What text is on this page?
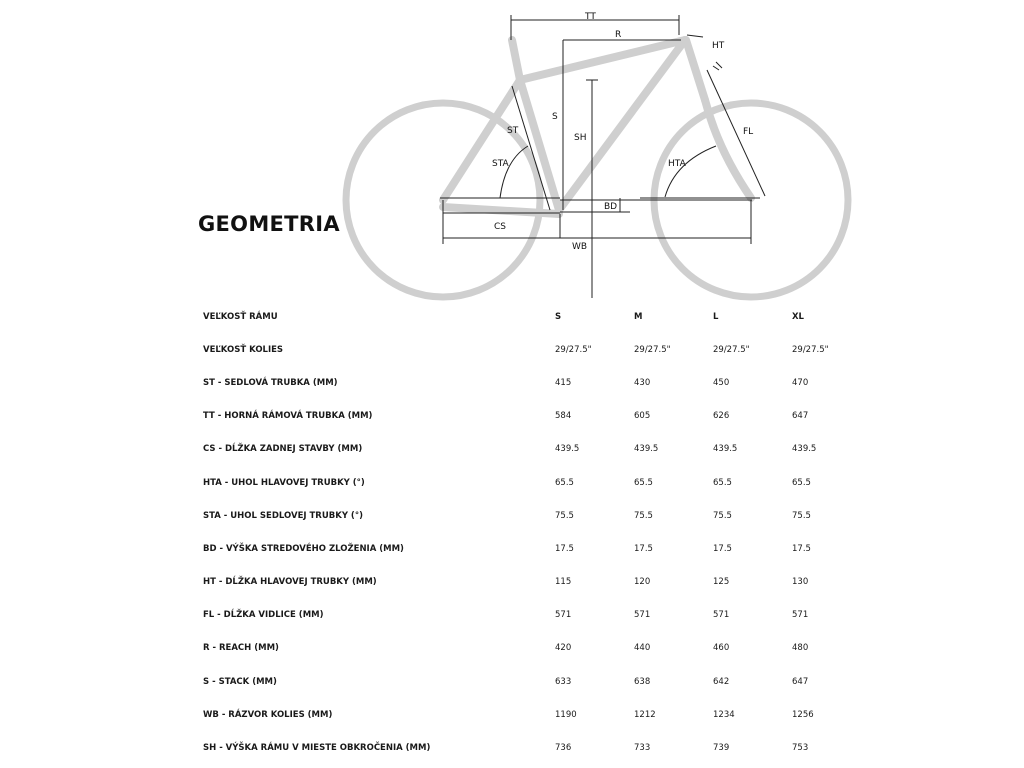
TT
R
HT
S
SH
ST
STA
FL
HTA
BD
CS
WB
GEOMETRIA
VEĽKOSŤ RÁMU	S	M	L	XL
VEĽKOSŤ KOLIES	29/27.5"	29/27.5"	29/27.5"	29/27.5"
ST - SEDLOVÁ TRUBKA (MM)	415	430	450	470
TT - HORNÁ RÁMOVÁ TRUBKA (MM)	584	605	626	647
CS - DĹŽKA ZADNEJ STAVBY (MM)	439.5	439.5	439.5	439.5
HTA - UHOL HLAVOVEJ TRUBKY (°)	65.5	65.5	65.5	65.5
STA - UHOL SEDLOVEJ TRUBKY (°)	75.5	75.5	75.5	75.5
BD - VÝŠKA STREDOVÉHO ZLOŽENIA (MM)	17.5	17.5	17.5	17.5
HT - DĹŽKA HLAVOVEJ TRUBKY (MM)	115	120	125	130
FL - DĹŽKA VIDLICE (MM)	571	571	571	571
R - REACH (MM)	420	440	460	480
S - STACK (MM)	633	638	642	647
WB - RÁZVOR KOLIES (MM)	1190	1212	1234	1256
SH - VÝŠKA RÁMU V MIESTE OBKROČENIA (MM)	736	733	739	753
